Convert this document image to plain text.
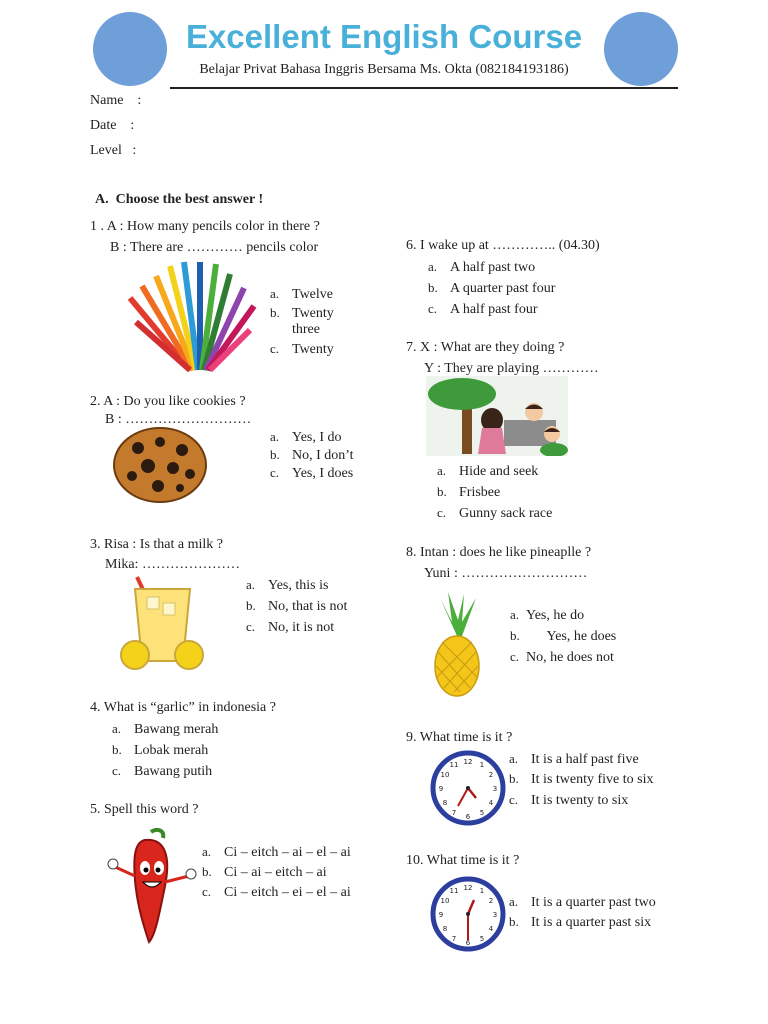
Excellent English Course
Belajar Privat Bahasa Inggris Bersama Ms. Okta (082184193186)
Name    :
Date    :
Level   :
A.  Choose the best answer !
1 . A : How many pencils color in there ?
B : There are ………… pencils color
a. Twelve
b. Twenty
three
c. Twenty
2. A : Do you like cookies ?
B : ………………………
a. Yes, I do
b. No, I don’t
c. Yes, I does
3. Risa : Is that a milk ?
Mika: …………………
a. Yes, this is
b. No, that is not
c. No, it is not
4. What is “garlic” in indonesia ?
a. Bawang merah
b. Lobak merah
c. Bawang putih
5. Spell this word ?
a. Ci – eitch – ai – el – ai
b. Ci – ai – eitch – ai
c. Ci – eitch – ei – el – ai
6. I wake up at ………….. (04.30)
a. A half past two
b. A quarter past four
c. A half past four
7. X : What are they doing ?
Y : They are playing …………
a. Hide and seek
b. Frisbee
c. Gunny sack race
8. Intan : does he like pineaplle ?
Yuni : ………………………
a. Yes, he do
b.      Yes, he does
c. No, he does not
9. What time is it ?
12 1
2
3
4
5
6
7
8
9
10
11	a. It is a half past five
b. It is twenty five to six
c. It is twenty to six
10. What time is it ?
12 1
2
3
4
5
6
7
8
9
10
11
a. It is a quarter past two
b. It is a quarter past six
